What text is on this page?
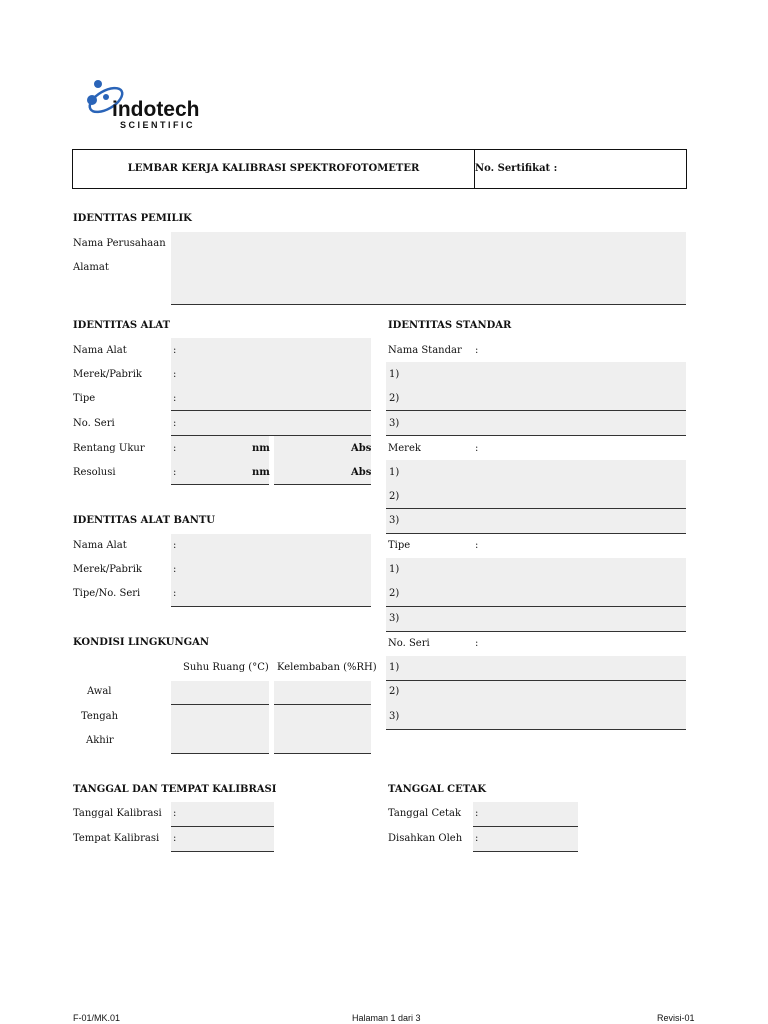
indotech
SCIENTIFIC
LEMBAR KERJA KALIBRASI SPEKTROFOTOMETER	No. Sertifikat :
IDENTITAS PEMILIK
Nama Perusahaan
Alamat
IDENTITAS ALAT
Nama Alat	:
Merek/Pabrik	:
Tipe	:
No. Seri	:
Rentang Ukur	:	nm	Abs
Resolusi	:	nm	Abs
IDENTITAS ALAT BANTU
Nama Alat	:
Merek/Pabrik	:
Tipe/No. Seri	:
KONDISI LINGKUNGAN
Suhu Ruang (°C) Kelembaban (%RH)
Awal
Tengah
Akhir
IDENTITAS STANDAR
Nama Standar :
1)
2)
3)
Merek	:
1)
2)
3)
Tipe	:
1)
2)
3)
No. Seri	:
1)
2)
3)
TANGGAL DAN TEMPAT KALIBRASI
Tanggal Kalibrasi :
Tempat Kalibrasi :
TANGGAL CETAK
Tanggal Cetak :
Disahkan Oleh :
F-01/MK.01	Halaman 1 dari 3	Revisi-01
